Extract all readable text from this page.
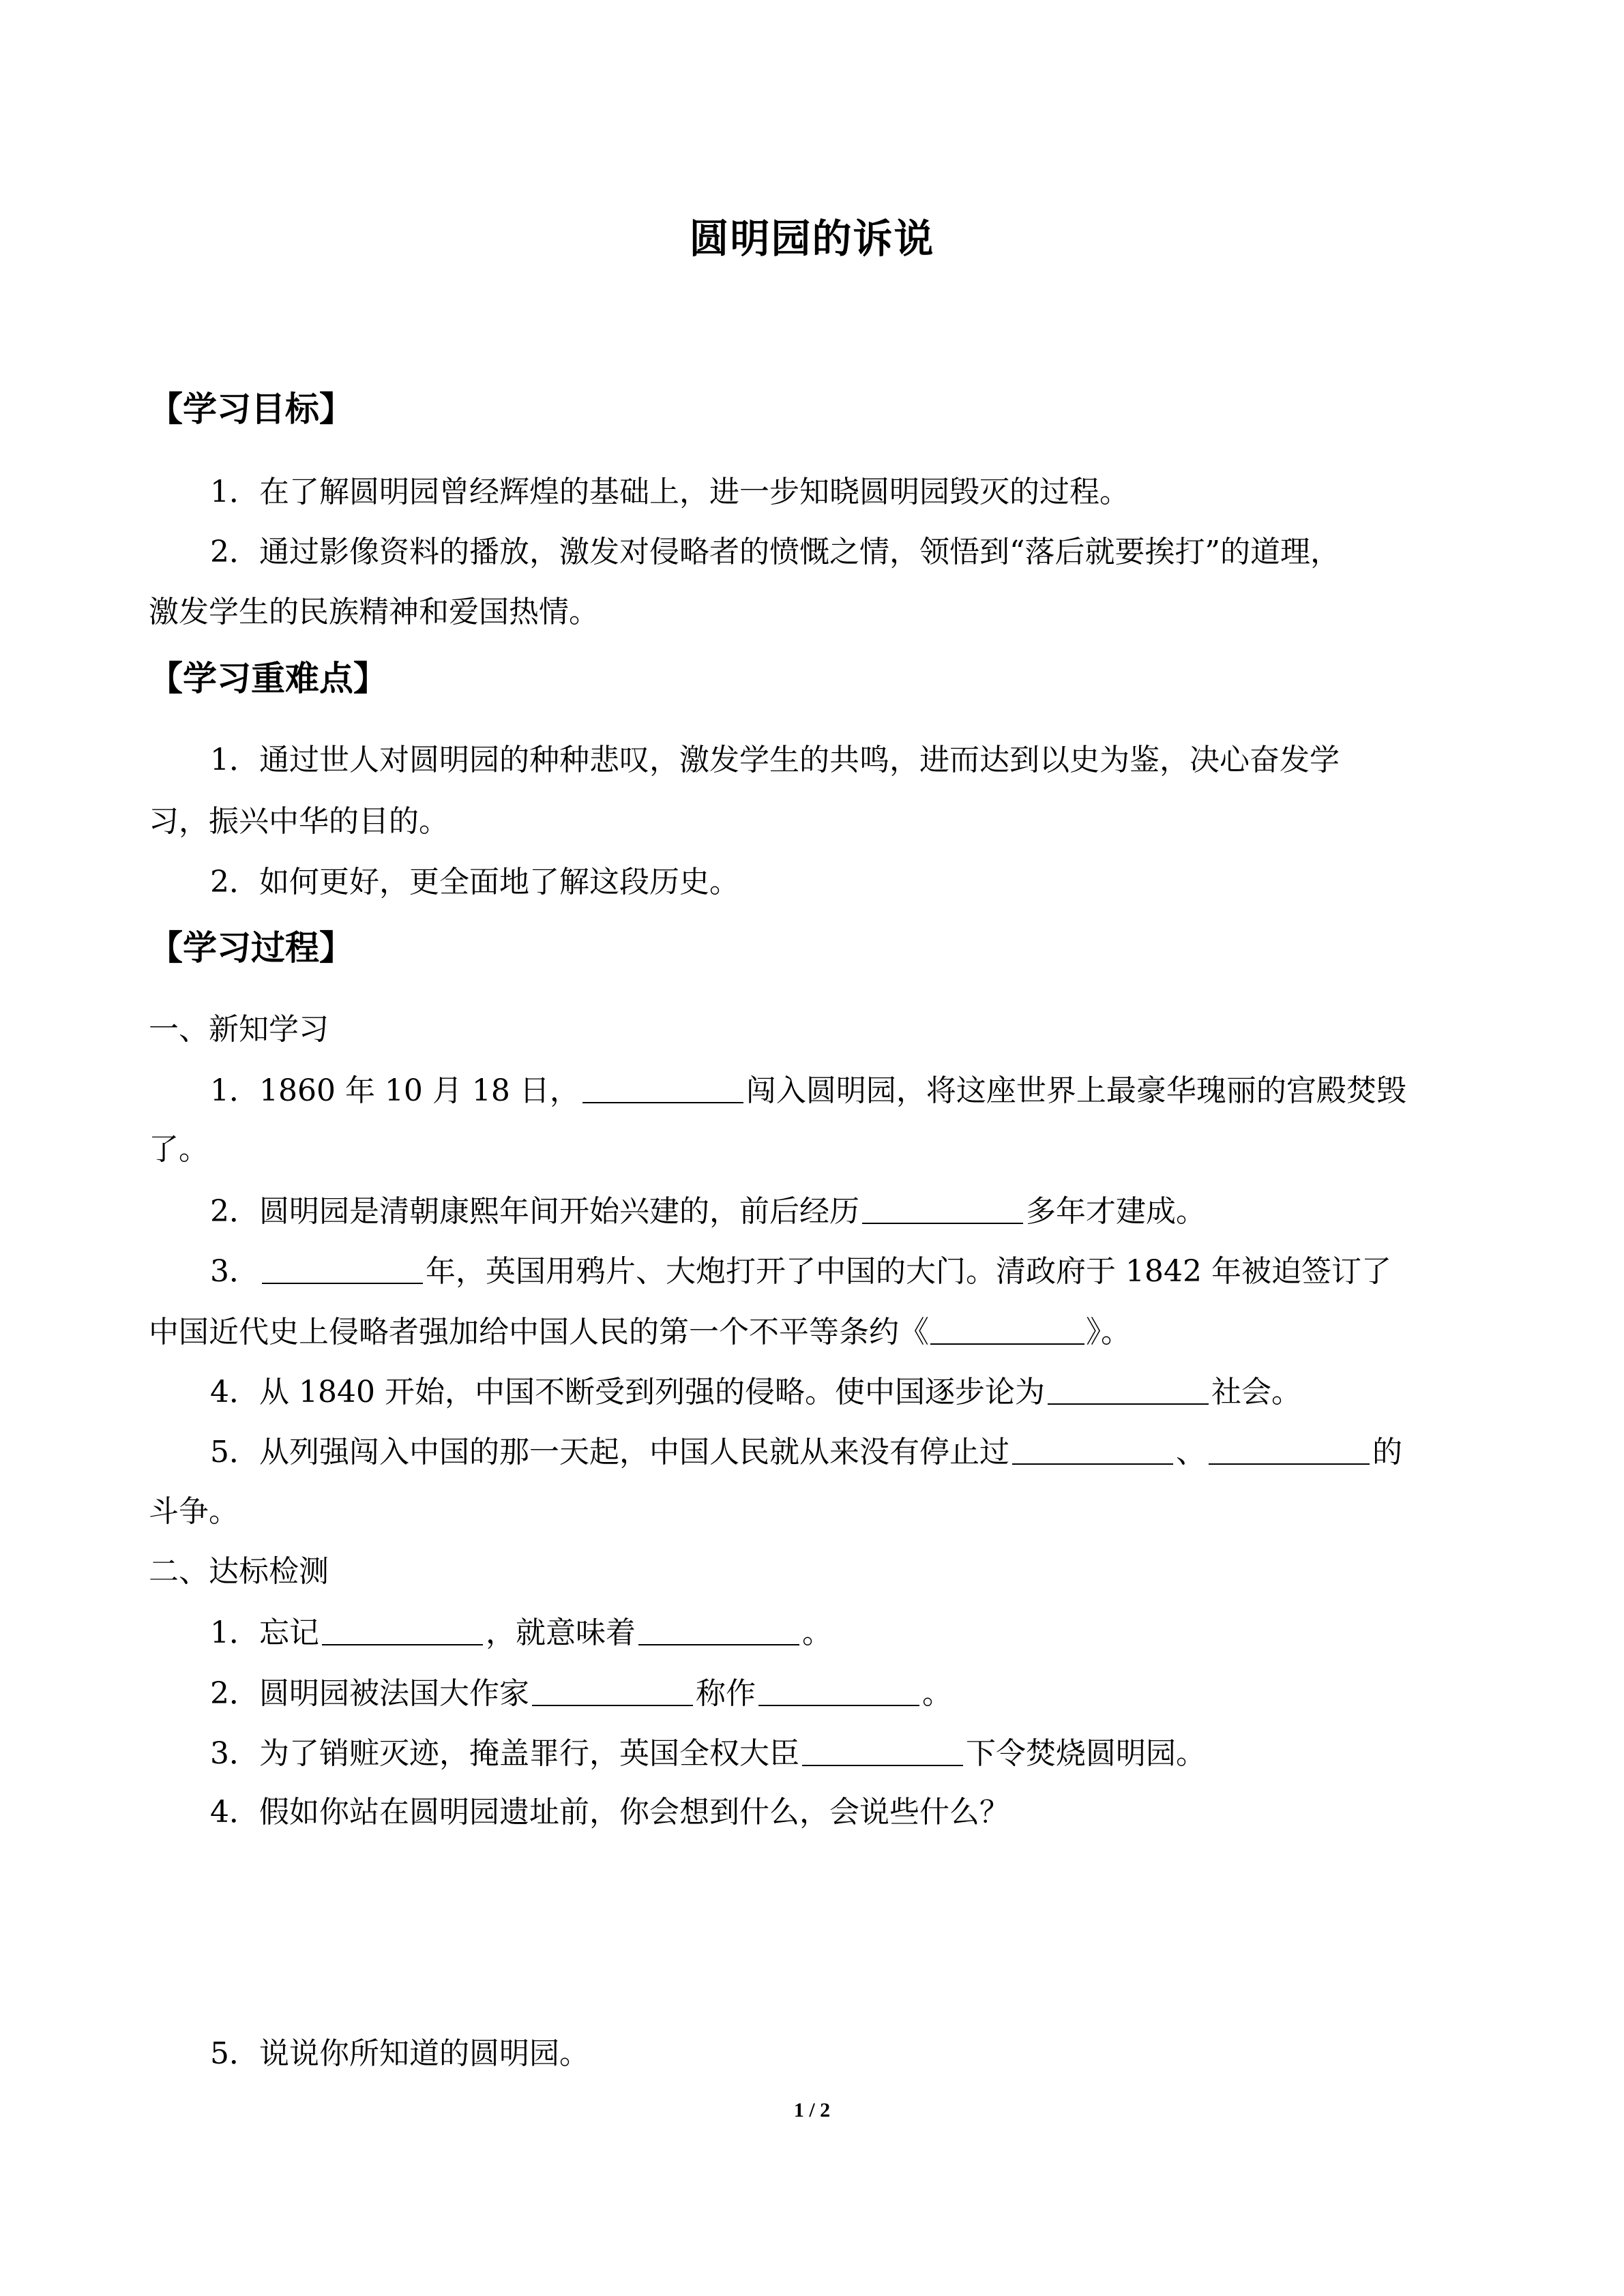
圆明园的诉说
【学习目标】
1．在了解圆明园曾经辉煌的基础上，进一步知晓圆明园毁灭的过程。
2．通过影像资料的播放，激发对侵略者的愤慨之情，领悟到“落后就要挨打”的道理，
激发学生的民族精神和爱国热情。
【学习重难点】
1．通过世人对圆明园的种种悲叹，激发学生的共鸣，进而达到以史为鉴，决心奋发学
习，振兴中华的目的。
2．如何更好，更全面地了解这段历史。
【学习过程】
一、新知学习
1．1860 年 10 月 18 日，	闯入圆明园，将这座世界上最豪华瑰丽的宫殿焚毁
了。
2．圆明园是清朝康熙年间开始兴建的，前后经历	多年才建成。
3．	年，英国用鸦片、大炮打开了中国的大门。清政府于 1842 年被迫签订了
中国近代史上侵略者强加给中国人民的第一个不平等条约《	》。
4．从 1840 开始，中国不断受到列强的侵略。使中国逐步论为	社会。
5．从列强闯入中国的那一天起，中国人民就从来没有停止过	、	的
斗争。
二、达标检测
1．忘记	，就意味着	。
2．圆明园被法国大作家	称作	。
3．为了销赃灭迹，掩盖罪行，英国全权大臣	下令焚烧圆明园。
4．假如你站在圆明园遗址前，你会想到什么，会说些什么？
5．说说你所知道的圆明园。
1 / 2
